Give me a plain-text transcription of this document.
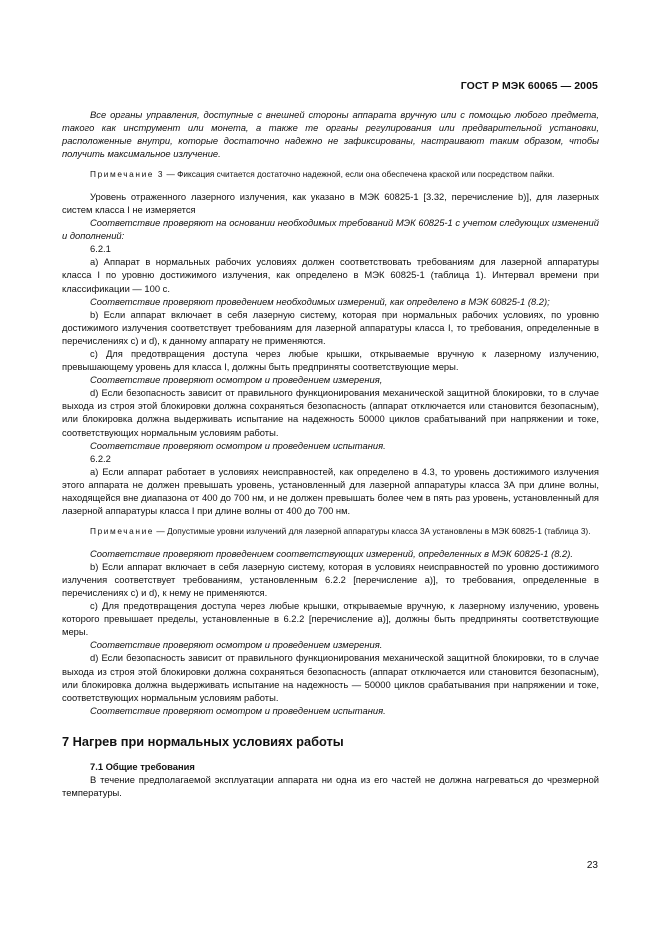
ГОСТ Р МЭК 60065 — 2005

Все органы управления, доступные с внешней стороны аппарата вручную или с помощью любого предмета, такого как инструмент или монета, а также те органы регулирования или предварительной установки, расположенные внутри, которые достаточно надежно не зафиксированы, настраивают таким образом, чтобы получить максимальное излучение.

Примечание 3 — Фиксация считается достаточно надежной, если она обеспечена краской или посредством пайки.

Уровень отраженного лазерного излучения, как указано в МЭК 60825-1 [3.32, перечисление b)], для лазерных систем класса I не измеряется

Соответствие проверяют на основании необходимых требований МЭК 60825-1 с учетом следующих изменений и дополнений:

6.2.1

а) Аппарат в нормальных рабочих условиях должен соответствовать требованиям для лазерной аппаратуры класса I по уровню достижимого излучения, как определено в МЭК 60825-1 (таблица 1). Интервал времени при классификации — 100 с.

Соответствие проверяют проведением необходимых измерений, как определено в МЭК 60825-1 (8.2);

b) Если аппарат включает в себя лазерную систему, которая при нормальных рабочих условиях, по уровню достижимого излучения соответствует требованиям для лазерной аппаратуры класса I, то требования, определенные в перечислениях с) и d), к данному аппарату не применяются.

с) Для предотвращения доступа через любые крышки, открываемые вручную к лазерному излучению, превышающему уровень для класса I, должны быть предприняты соответствующие меры.

Соответствие проверяют осмотром и проведением измерения,

d) Если безопасность зависит от правильного функционирования механической защитной блокировки, то в случае выхода из строя этой блокировки должна сохраняться безопасность (аппарат отключается или становится безопасным), или блокировка должна выдерживать испытание на надежность 50000 циклов срабатываний при напряжении и токе, соответствующих нормальным условиям работы.

Соответствие проверяют осмотром и проведением испытания.

6.2.2

а) Если аппарат работает в условиях неисправностей, как определено в 4.3, то уровень достижимого излучения этого аппарата не должен превышать уровень, установленный для лазерной аппаратуры класса 3А при длине волны, находящейся вне диапазона от 400 до 700 нм, и не должен превышать более чем в пять раз уровень, установленный для лазерной аппаратуры класса I при длине волны от 400 до 700 нм.

Примечание — Допустимые уровни излучений для лазерной аппаратуры класса 3А установлены в МЭК 60825-1 (таблица 3).

Соответствие проверяют проведением соответствующих измерений, определенных в МЭК 60825-1 (8.2).

b) Если аппарат включает в себя лазерную систему, которая в условиях неисправностей по уровню достижимого излучения соответствует требованиям, установленным 6.2.2 [перечисление а)], то требования, определенные в перечислениях с) и d), к нему не применяются.

с) Для предотвращения доступа через любые крышки, открываемые вручную, к лазерному излучению, уровень которого превышает пределы, установленные в 6.2.2 [перечисление а)], должны быть предприняты соответствующие меры.

Соответствие проверяют осмотром и проведением измерения.

d) Если безопасность зависит от правильного функционирования механической защитной блокировки, то в случае выхода из строя этой блокировки должна сохраняться безопасность (аппарат отключается или становится безопасным), или блокировка должна выдерживать испытание на надежность — 50000 циклов срабатывания при напряжении и токе, соответствующих нормальным условиям работы.

Соответствие проверяют осмотром и проведением испытания.

7 Нагрев при нормальных условиях работы

7.1 Общие требования

В течение предполагаемой эксплуатации аппарата ни одна из его частей не должна нагреваться до чрезмерной температуры.

23
